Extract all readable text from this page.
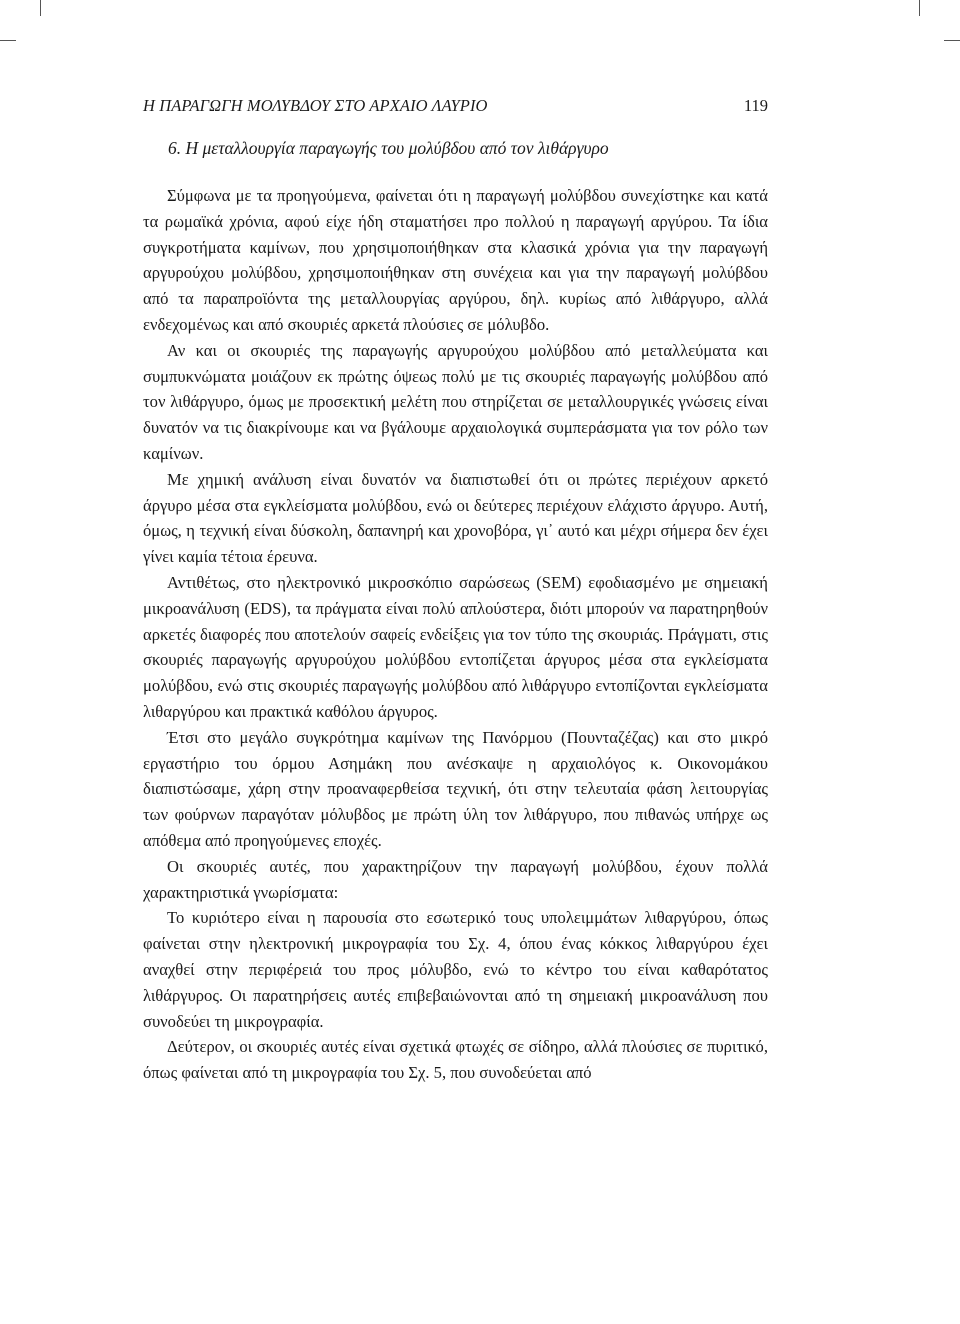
Η ΠΑΡΑΓΩΓΗ ΜΟΛΥΒΔΟΥ ΣΤΟ ΑΡΧΑΙΟ ΛΑΥΡΙΟ	119
6. Η μεταλλουργία παραγωγής του μολύβδου από τον λιθάργυρο

Σύμφωνα με τα προηγούμενα, φαίνεται ότι η παραγωγή μολύβδου συνεχίστηκε και κατά τα ρωμαϊκά χρόνια, αφού είχε ήδη σταματήσει προ πολλού η παραγωγή αργύρου. Τα ίδια συγκροτήματα καμίνων, που χρησιμοποιήθηκαν στα κλασικά χρόνια για την παραγωγή αργυρούχου μολύβδου, χρησιμοποιήθηκαν στη συνέχεια και για την παραγωγή μολύβδου από τα παραπροϊόντα της μεταλλουργίας αργύρου, δηλ. κυρίως από λιθάργυρο, αλλά ενδεχομένως και από σκουριές αρκετά πλούσιες σε μόλυβδο.

Αν και οι σκουριές της παραγωγής αργυρούχου μολύβδου από μεταλλεύματα και συμπυκνώματα μοιάζουν εκ πρώτης όψεως πολύ με τις σκουριές παραγωγής μολύβδου από τον λιθάργυρο, όμως με προσεκτική μελέτη που στηρίζεται σε μεταλλουργικές γνώσεις είναι δυνατόν να τις διακρίνουμε και να βγάλουμε αρχαιολογικά συμπεράσματα για τον ρόλο των καμίνων.

Με χημική ανάλυση είναι δυνατόν να διαπιστωθεί ότι οι πρώτες περιέχουν αρκετό άργυρο μέσα στα εγκλείσματα μολύβδου, ενώ οι δεύτερες περιέχουν ελάχιστο άργυρο. Αυτή, όμως, η τεχνική είναι δύσκολη, δαπανηρή και χρονοβόρα, γι᾽ αυτό και μέχρι σήμερα δεν έχει γίνει καμία τέτοια έρευνα.

Αντιθέτως, στο ηλεκτρονικό μικροσκόπιο σαρώσεως (SEM) εφοδιασμένο με σημειακή μικροανάλυση (EDS), τα πράγματα είναι πολύ απλούστερα, διότι μπορούν να παρατηρηθούν αρκετές διαφορές που αποτελούν σαφείς ενδείξεις για τον τύπο της σκουριάς. Πράγματι, στις σκουριές παραγωγής αργυρούχου μολύβδου εντοπίζεται άργυρος μέσα στα εγκλείσματα μολύβδου, ενώ στις σκουριές παραγωγής μολύβδου από λιθάργυρο εντοπίζονται εγκλείσματα λιθαργύρου και πρακτικά καθόλου άργυρος.

Έτσι στο μεγάλο συγκρότημα καμίνων της Πανόρμου (Πουνταζέζας) και στο μικρό εργαστήριο του όρμου Ασημάκη που ανέσκαψε η αρχαιολόγος κ. Οικονομάκου διαπιστώσαμε, χάρη στην προαναφερθείσα τεχνική, ότι στην τελευταία φάση λειτουργίας των φούρνων παραγόταν μόλυβδος με πρώτη ύλη τον λιθάργυρο, που πιθανώς υπήρχε ως απόθεμα από προηγούμενες εποχές.

Οι σκουριές αυτές, που χαρακτηρίζουν την παραγωγή μολύβδου, έχουν πολλά χαρακτηριστικά γνωρίσματα:

Το κυριότερο είναι η παρουσία στο εσωτερικό τους υπολειμμάτων λιθαργύρου, όπως φαίνεται στην ηλεκτρονική μικρογραφία του Σχ. 4, όπου ένας κόκκος λιθαργύρου έχει αναχθεί στην περιφέρειά του προς μόλυβδο, ενώ το κέντρο του είναι καθαρότατος λιθάργυρος. Οι παρατηρήσεις αυτές επιβεβαιώνονται από τη σημειακή μικροανάλυση που συνοδεύει τη μικρογραφία.

Δεύτερον, οι σκουριές αυτές είναι σχετικά φτωχές σε σίδηρο, αλλά πλούσιες σε πυριτικό, όπως φαίνεται από τη μικρογραφία του Σχ. 5, που συνοδεύεται από
